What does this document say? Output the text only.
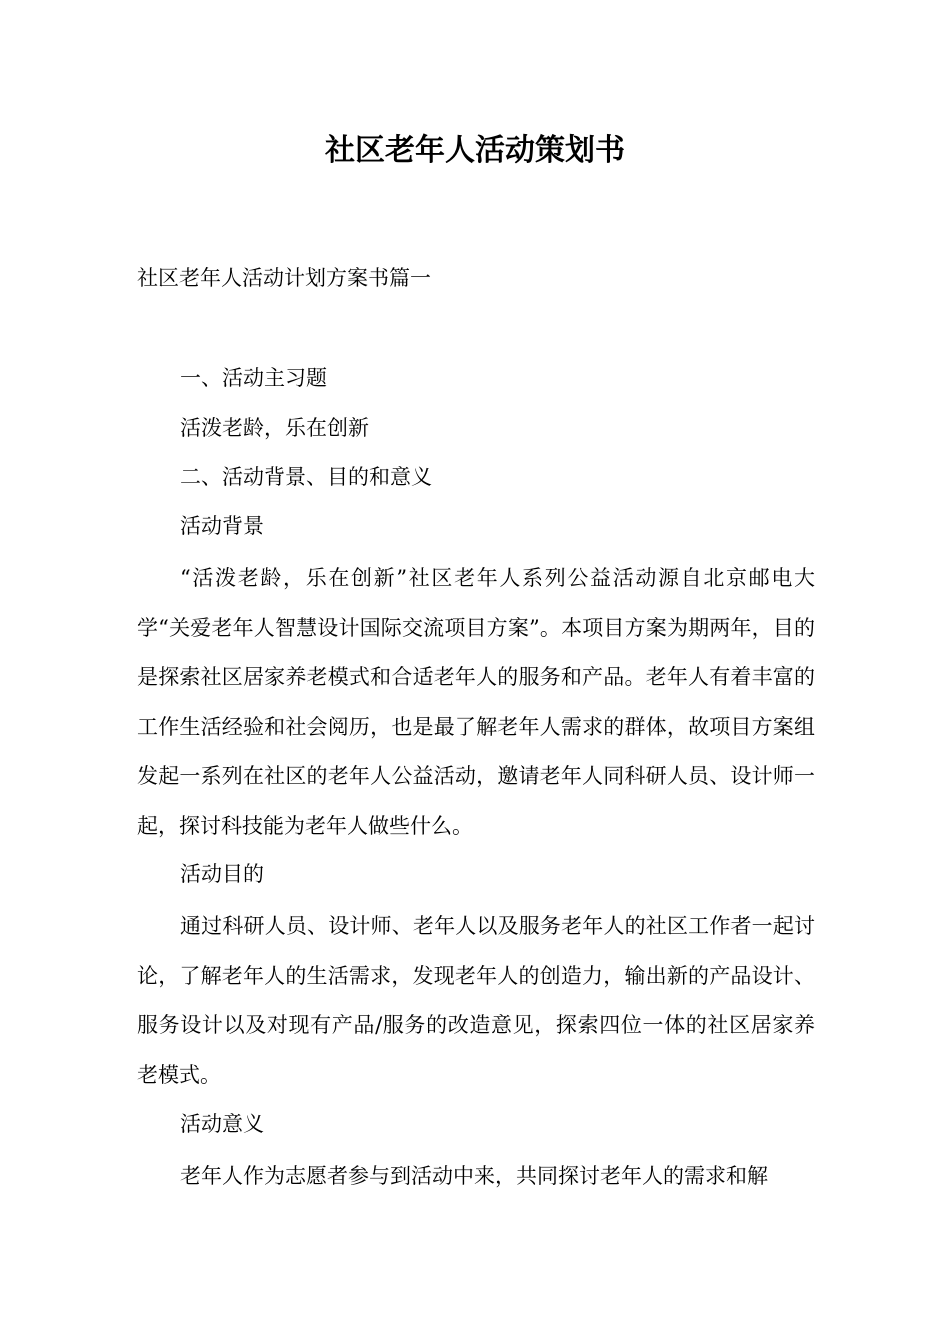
社区老年人活动策划书

社区老年人活动计划方案书篇一

一、活动主习题

活泼老龄，乐在创新

二、活动背景、目的和意义

活动背景

“活泼老龄，乐在创新”社区老年人系列公益活动源自北京邮电大学“关爱老年人智慧设计国际交流项目方案”。本项目方案为期两年，目的是探索社区居家养老模式和合适老年人的服务和产品。老年人有着丰富的工作生活经验和社会阅历，也是最了解老年人需求的群体，故项目方案组发起一系列在社区的老年人公益活动，邀请老年人同科研人员、设计师一起，探讨科技能为老年人做些什么。

活动目的

通过科研人员、设计师、老年人以及服务老年人的社区工作者一起讨论，了解老年人的生活需求，发现老年人的创造力，输出新的产品设计、服务设计以及对现有产品/服务的改造意见，探索四位一体的社区居家养老模式。

活动意义

老年人作为志愿者参与到活动中来，共同探讨老年人的需求和解
